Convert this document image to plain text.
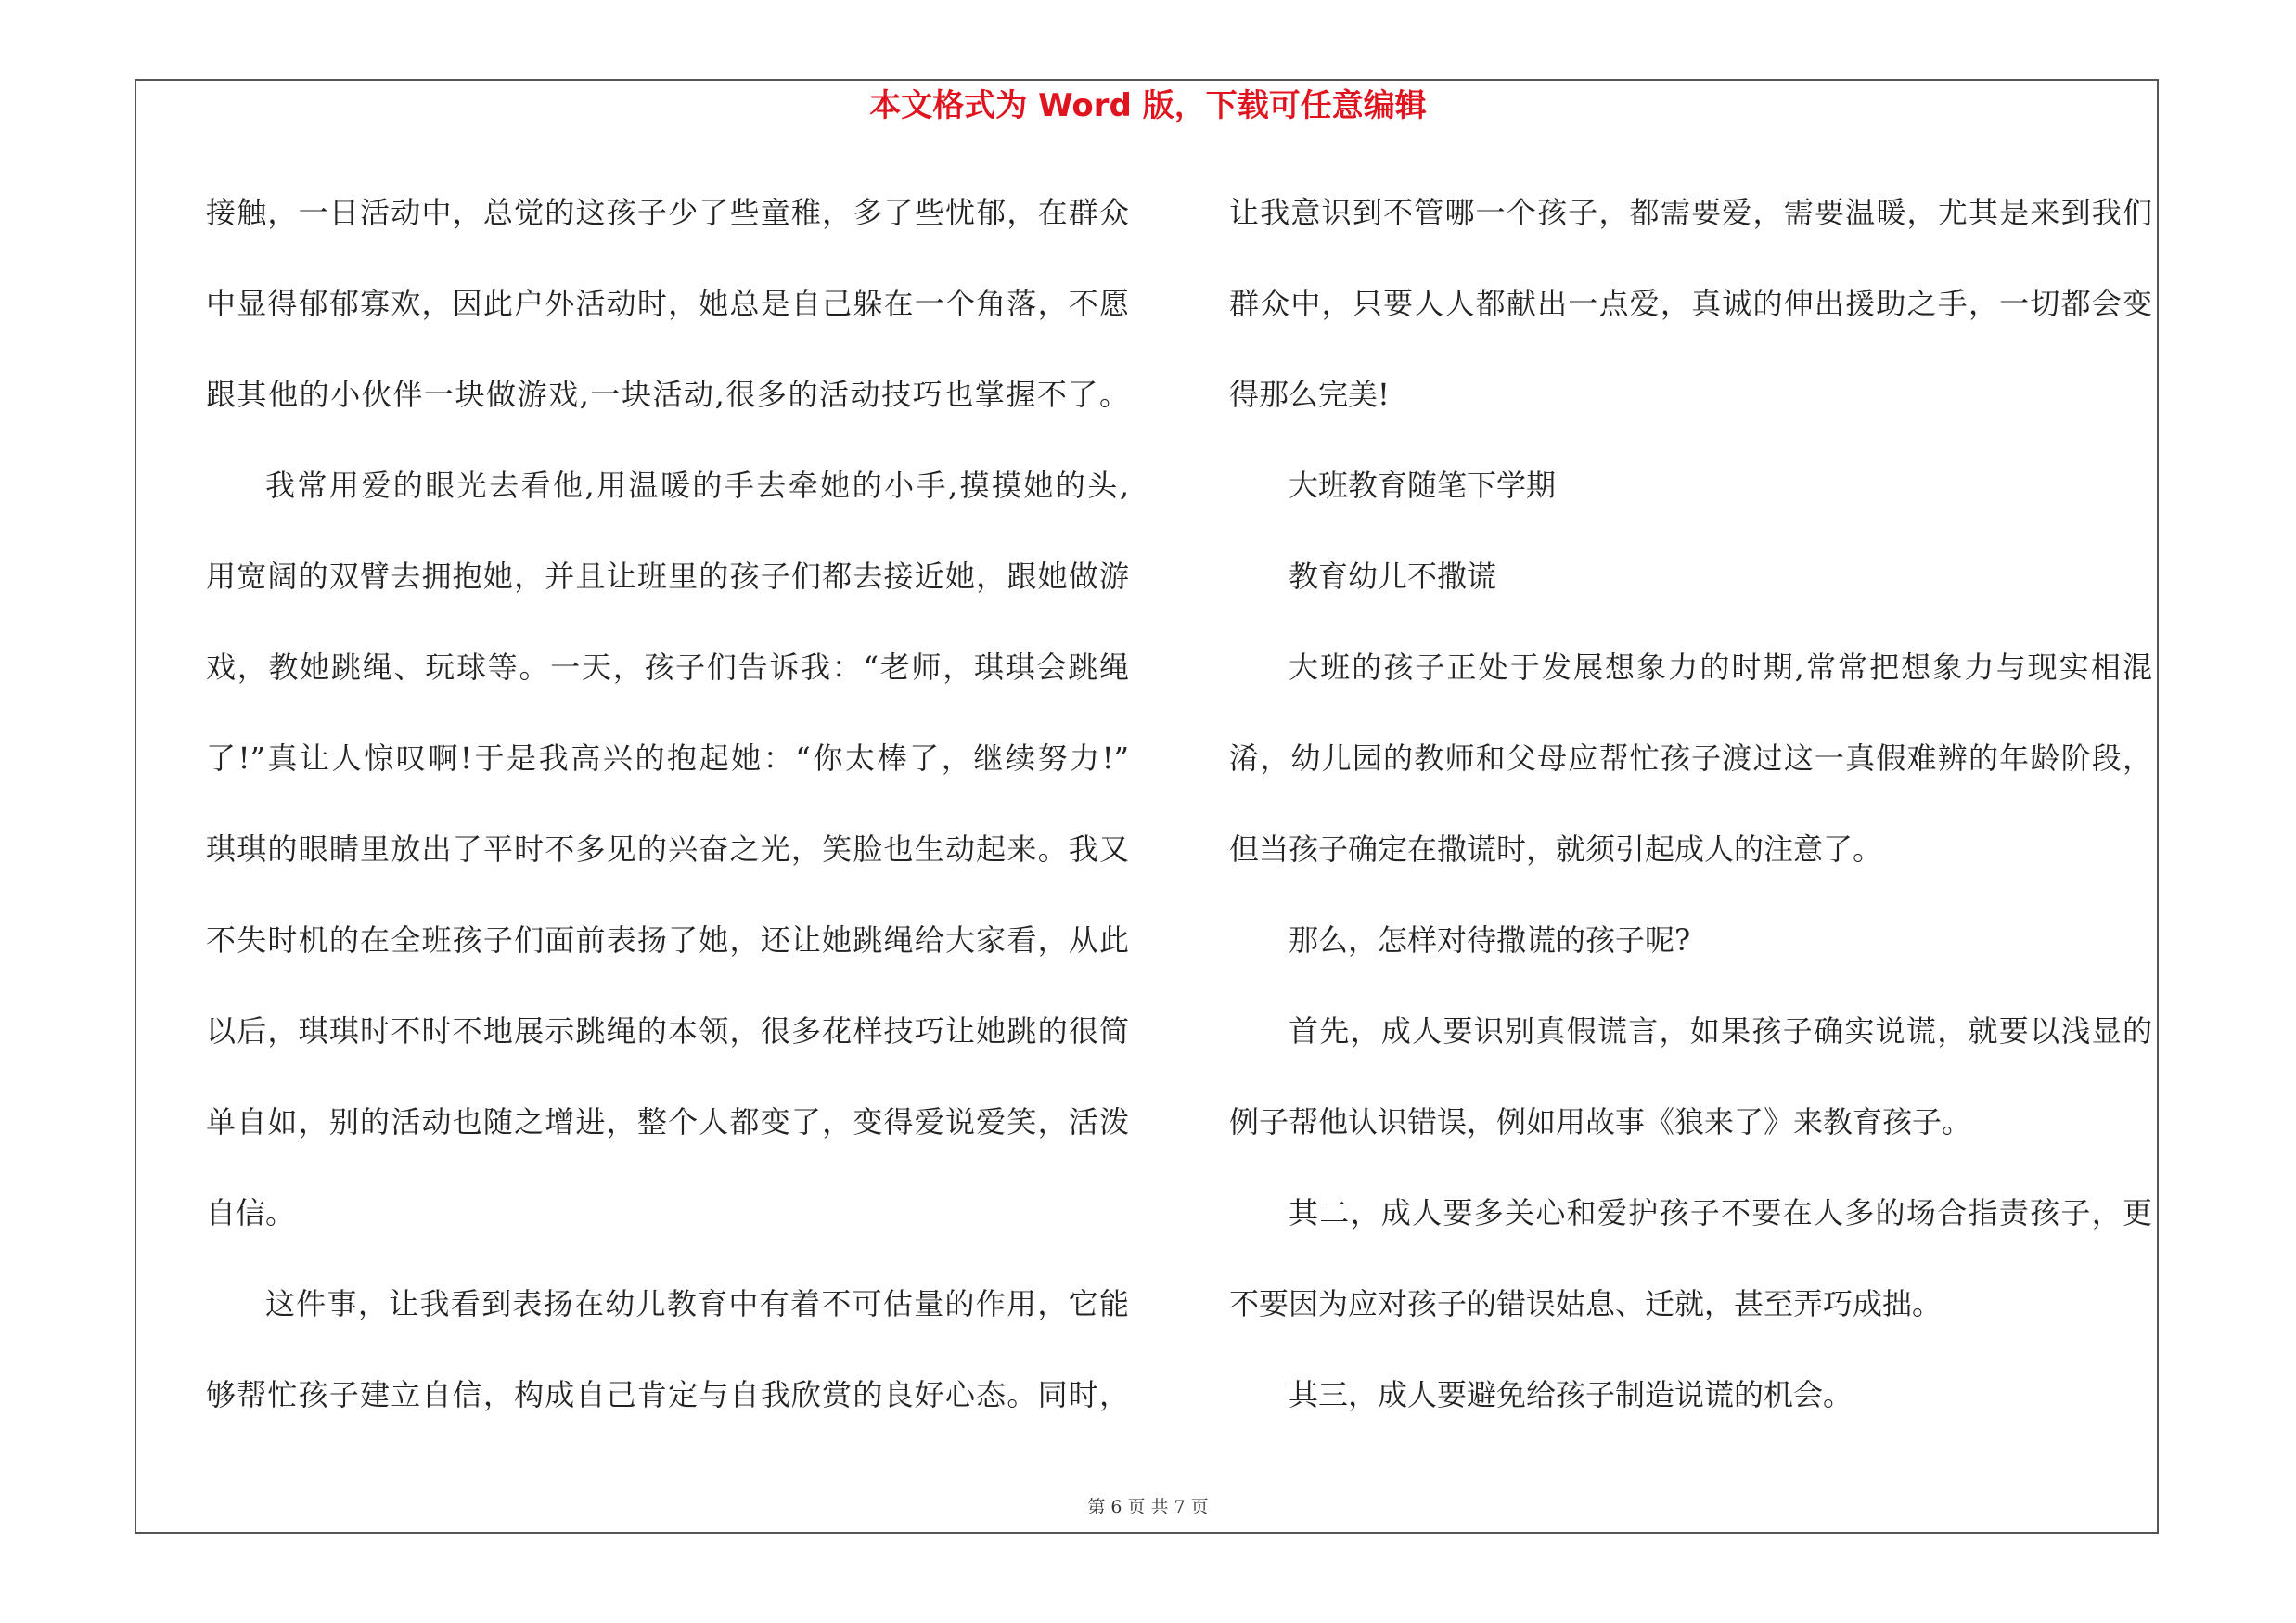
本文格式为 Word 版，下载可任意编辑
接触，一日活动中，总觉的这孩子少了些童稚，多了些忧郁，在群众
中显得郁郁寡欢，因此户外活动时，她总是自己躲在一个角落，不愿
跟其他的小伙伴一块做游戏,一块活动,很多的活动技巧也掌握不了。
我常用爱的眼光去看他,用温暖的手去牵她的小手,摸摸她的头,
用宽阔的双臂去拥抱她，并且让班里的孩子们都去接近她，跟她做游
戏，教她跳绳、玩球等。一天，孩子们告诉我：“老师，琪琪会跳绳
了!”真让人惊叹啊!于是我高兴的抱起她：“你太棒了，继续努力!”
琪琪的眼睛里放出了平时不多见的兴奋之光，笑脸也生动起来。我又
不失时机的在全班孩子们面前表扬了她，还让她跳绳给大家看，从此
以后，琪琪时不时不地展示跳绳的本领，很多花样技巧让她跳的很简
单自如，别的活动也随之增进，整个人都变了，变得爱说爱笑，活泼
自信。
这件事，让我看到表扬在幼儿教育中有着不可估量的作用，它能
够帮忙孩子建立自信，构成自己肯定与自我欣赏的良好心态。同时，
让我意识到不管哪一个孩子，都需要爱，需要温暖，尤其是来到我们
群众中，只要人人都献出一点爱，真诚的伸出援助之手，一切都会变
得那么完美!
大班教育随笔下学期
教育幼儿不撒谎
大班的孩子正处于发展想象力的时期,常常把想象力与现实相混
淆，幼儿园的教师和父母应帮忙孩子渡过这一真假难辨的年龄阶段，
但当孩子确定在撒谎时，就须引起成人的注意了。
那么，怎样对待撒谎的孩子呢?
首先，成人要识别真假谎言，如果孩子确实说谎，就要以浅显的
例子帮他认识错误，例如用故事《狼来了》来教育孩子。
其二，成人要多关心和爱护孩子不要在人多的场合指责孩子，更
不要因为应对孩子的错误姑息、迁就，甚至弄巧成拙。
其三，成人要避免给孩子制造说谎的机会。
第 6 页 共 7 页
